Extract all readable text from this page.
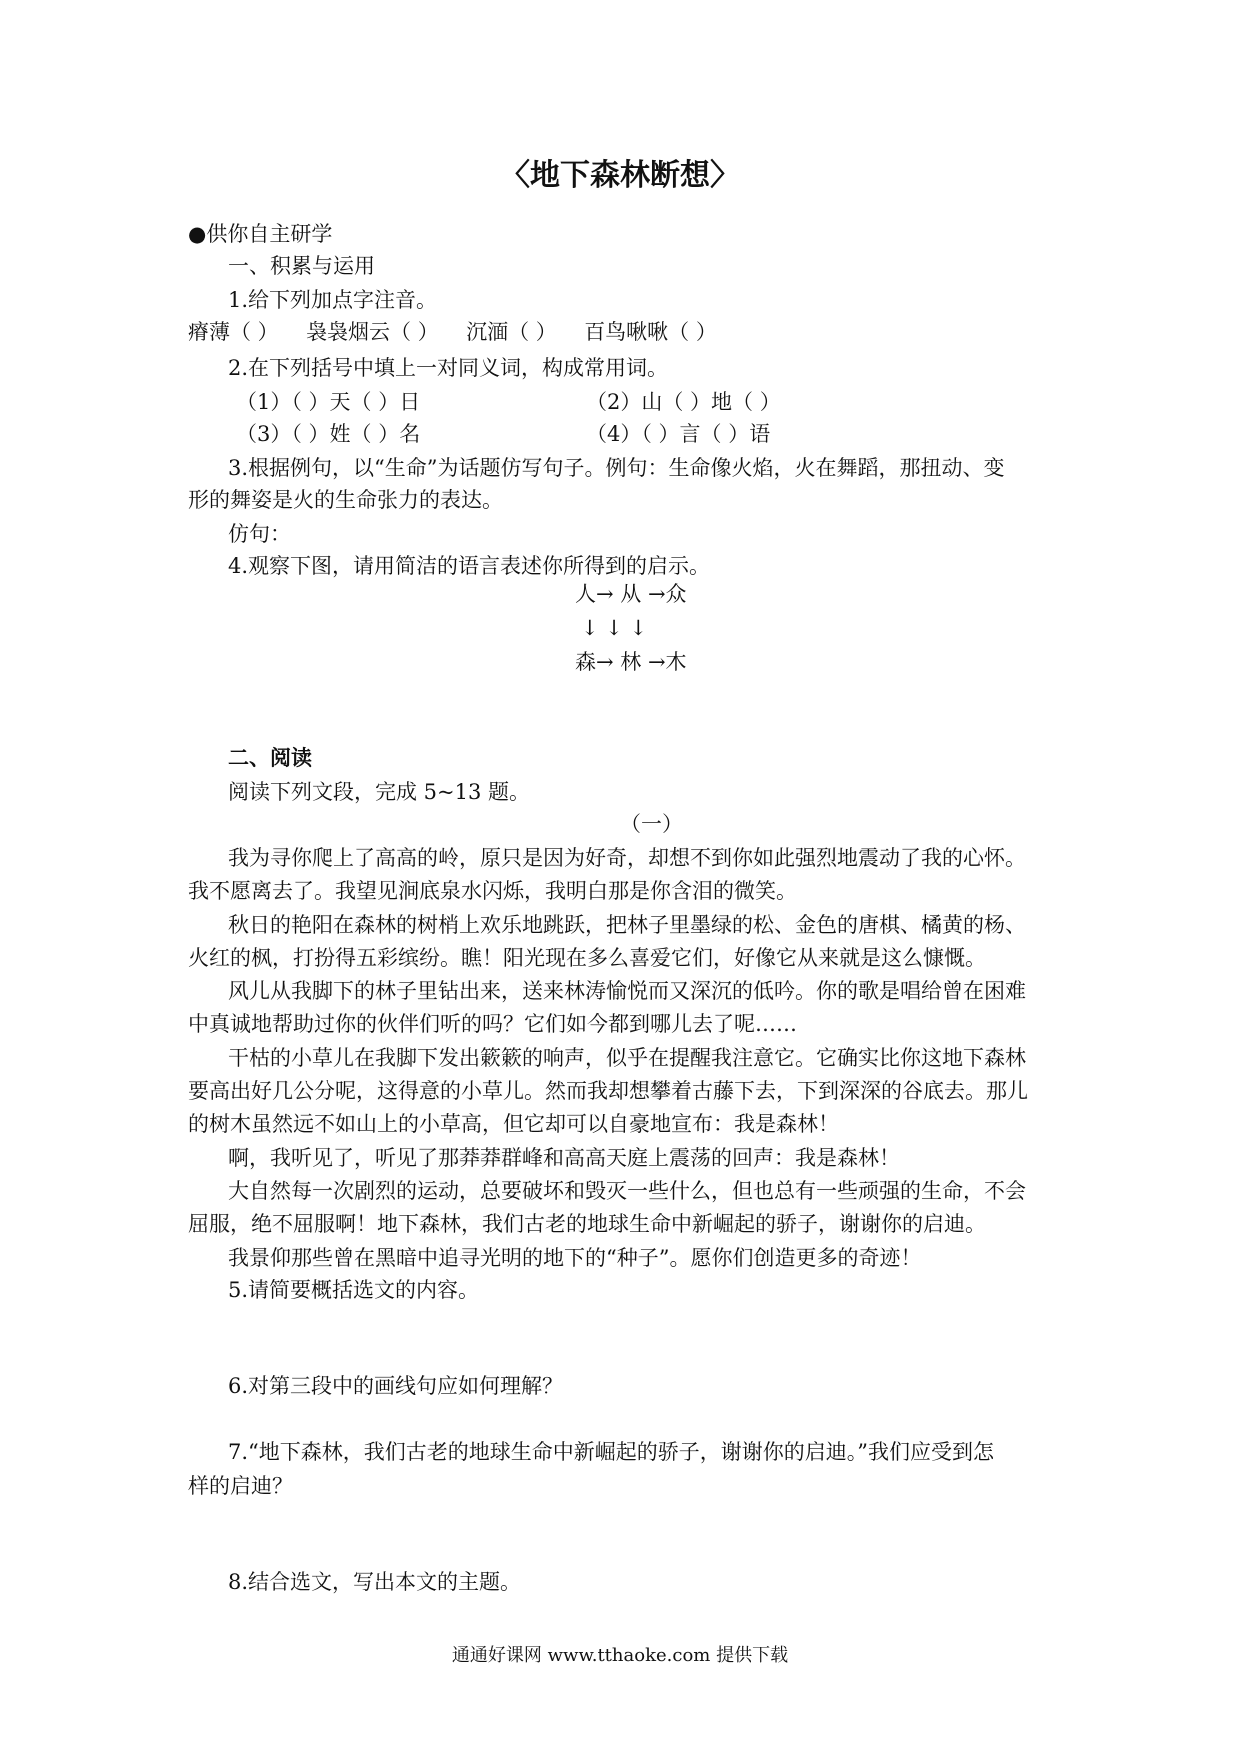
〈地下森林断想〉
●供你自主研学
一、积累与运用
1.给下列加点字注音。
瘠薄（ ） 袅袅烟云（ ） 沉湎（ ） 百鸟啾啾（ ）
2.在下列括号中填上一对同义词，构成常用词。
（1）（ ）天（ ）日	（2）山（ ）地（ ）
（3）（ ）姓（ ）名	（4）（ ）言（ ）语
3.根据例句，以“生命”为话题仿写句子。例句：生命像火焰，火在舞蹈，那扭动、变
形的舞姿是火的生命张力的表达。
仿句：
4.观察下图，请用简洁的语言表述你所得到的启示。
人→ 从 →众
↓ ↓ ↓
森→ 林 →木
二、阅读
阅读下列文段，完成 5~13 题。
（一）
我为寻你爬上了高高的岭，原只是因为好奇，却想不到你如此强烈地震动了我的心怀。
我不愿离去了。我望见涧底泉水闪烁，我明白那是你含泪的微笑。
秋日的艳阳在森林的树梢上欢乐地跳跃，把林子里墨绿的松、金色的唐棋、橘黄的杨、
火红的枫，打扮得五彩缤纷。瞧！阳光现在多么喜爱它们，好像它从来就是这么慷慨。
风儿从我脚下的林子里钻出来，送来林涛愉悦而又深沉的低吟。你的歌是唱给曾在困难
中真诚地帮助过你的伙伴们听的吗？它们如今都到哪儿去了呢……
干枯的小草儿在我脚下发出簌簌的响声，似乎在提醒我注意它。它确实比你这地下森林
要高出好几公分呢，这得意的小草儿。然而我却想攀着古藤下去，下到深深的谷底去。那儿
的树木虽然远不如山上的小草高，但它却可以自豪地宣布：我是森林！
啊，我听见了，听见了那莽莽群峰和高高天庭上震荡的回声：我是森林！
大自然每一次剧烈的运动，总要破坏和毁灭一些什么，但也总有一些顽强的生命，不会
屈服，绝不屈服啊！地下森林，我们古老的地球生命中新崛起的骄子，谢谢你的启迪。
我景仰那些曾在黑暗中追寻光明的地下的“种子”。愿你们创造更多的奇迹！
5.请简要概括选文的内容。
6.对第三段中的画线句应如何理解？
7.“地下森林，我们古老的地球生命中新崛起的骄子，谢谢你的启迪。”我们应受到怎
样的启迪？
8.结合选文，写出本文的主题。
通通好课网 www.tthaoke.com 提供下载
